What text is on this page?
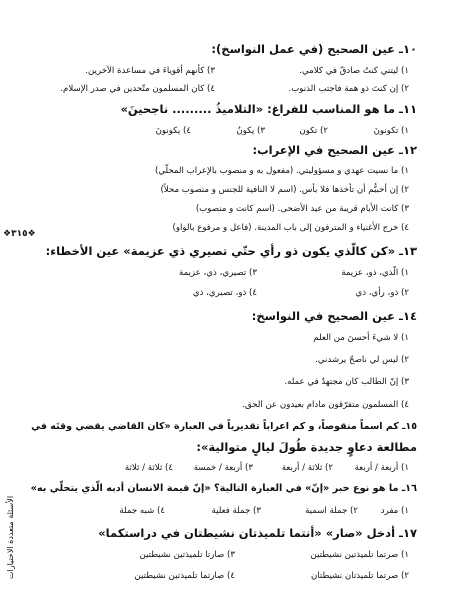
❖٣١٥❖
الأسئلة متعددة الاختيارات
١٠ـ عين الصحيح (في عمل النواسخ):
١) ليتني كنتُ صادقٌ في كلامي.
٣) كأنهم أقوياءَ في مساعدة الآخرين.
٢) إن كنتَ ذو همة فاجتب الذنوب.
٤) كان المسلمون متّحدين في صدر الإسلام.
١١ـ ما هو المناسب للفراغ: «التلاميذُ ......... ناجحينَ»
١) تكونونَ
٢) تكون
٣) يكونُ
٤) يكونونَ
١٢ـ عين الصحيح في الإعراب:
١) ما نسيت عهدي و مسؤوليتي. (مفعول به و منصوب بالإعراب المحلّي)
٢) إن أحببُّم أن تأخذها فلا بأس. (اسم لا النافية للجنس و منصوب محلاً)
٣) كانت الأيام قريبة من عيد الأضحى. (اسم كانت و منصوب)
٤) خرج الأغنياء و المترفون إلى باب المدينة. (فاعل و مرفوع بالواو)
١٣ـ «كن كالّذي يكون ذو رأي حتّي تصيري ذي عزيمة» عين الأخطاء:
١) الّذي، ذو، عزيمة
٣) تصيري، ذي، عزيمة
٢) ذو، رأي، ذي
٤) ذو، تصيري، ذي
١٤ـ عين الصحيح في النواسخ:
١) لا شيءَ أحسنَ من العلم
٢) ليس لي ناصحٌ يرشدني.
٣) إنّ الطالب كان مجتهدٌ في عمله.
٤) المسلمون متفرّقون مادام بعيدون عن الحق.
١٥ـ كم اسماً منقوصاً، و كم اعراباً تقديرياً في العبارة «كان القاضي يقضي وقتَه في
مطالعة دعاوٍ جديدة طُولَ ليالٍ متوالية»:
١) أربعة / أربعة
٢) ثلاثة / أربعة
٣) أربعة / خمسة
٤) ثلاثة / ثلاثة
١٦ـ ما هو نوع خبر «إنّ» في العبارة التالية؟ «إنّ قيمة الانسان أدبه الّذي يتحلّي به»
١) مفرد
٢) جملة اسمية
٣) جملة فعلية
٤) شبه جملة
١٧ـ أدخل «صار» «أنتما تلميذتان نشيطتان في دراستكما»
١) صرتما تلميذتين نشيطتين
٣) صارتا تلميذتين نشيطتين
٢) صرتما تلميذتان نشيطتان
٤) صارتما تلميذتين نشيطتين
